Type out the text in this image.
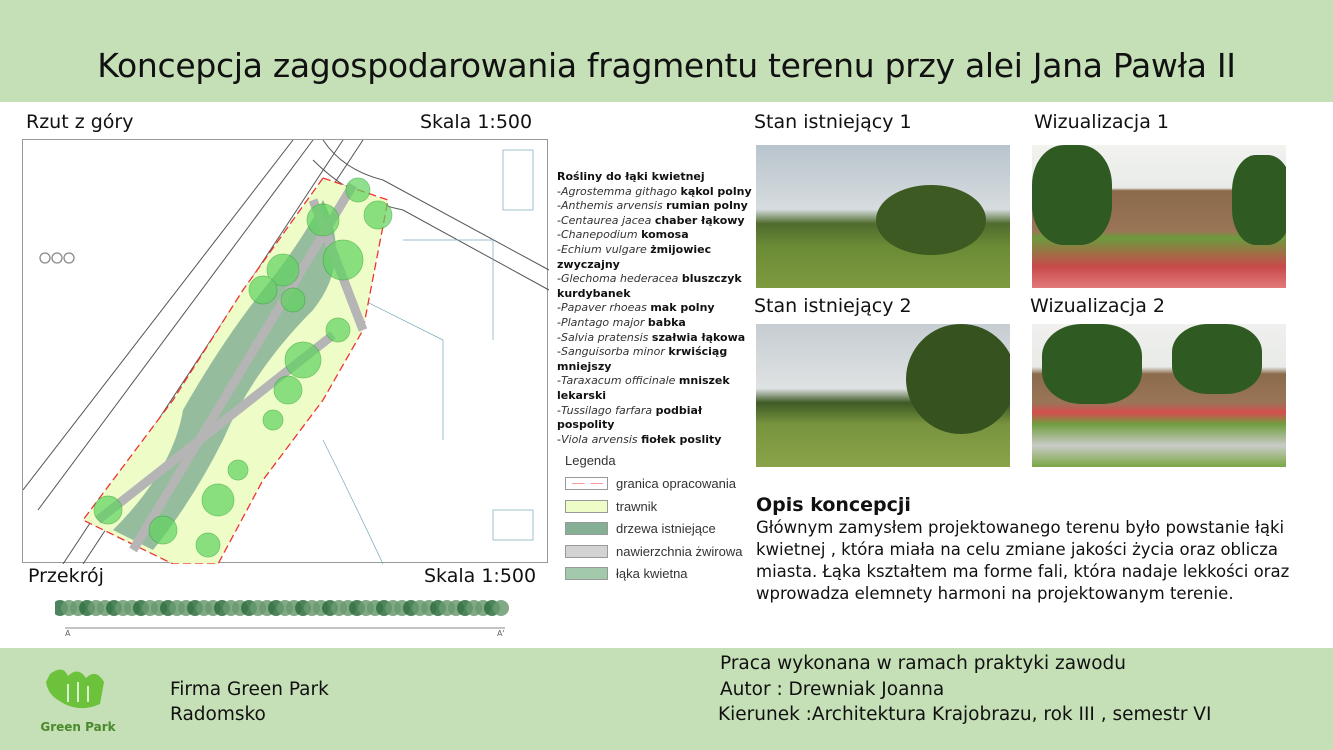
Koncepcja zagospodarowania fragmentu terenu przy alei Jana Pawła II
Rzut z góry	Skala 1:500
Rośliny do łąki kwietnej
-Agrostemma githago kąkol polny
-Anthemis arvensis rumian polny
-Centaurea jacea chaber łąkowy
-Chanepodium komosa
-Echium vulgare żmijowiec zwyczajny
-Glechoma hederacea bluszczyk kurdybanek
-Papaver rhoeas mak polny
-Plantago major babka
-Salvia pratensis szałwia łąkowa
-Sanguisorba minor krwiściąg mniejszy
-Taraxacum officinale mniszek lekarski
-Tussilago farfara podbiał pospolity
-Viola arvensis fiołek poslity
Legenda
granica opracowania
trawnik
drzewa istniejące
nawierzchnia żwirowa
łąka kwietna
Przekrój	Skala 1:500
A	A'
Stan istniejący 1	Wizualizacja 1
Stan istniejący 2	Wizualizacja 2
Opis koncepcji
Głównym zamysłem projektowanego terenu było powstanie łąki kwietnej , która miała na celu zmiane jakości życia oraz oblicza miasta. Łąka kształtem ma forme fali, która nadaje lekkości oraz wprowadza elemnety harmoni na projektowanym terenie.
Green Park
Firma Green Park
Radomsko
Praca wykonana w ramach praktyki zawodu
Autor : Drewniak Joanna
Kierunek :Architektura Krajobrazu, rok III , semestr VI
